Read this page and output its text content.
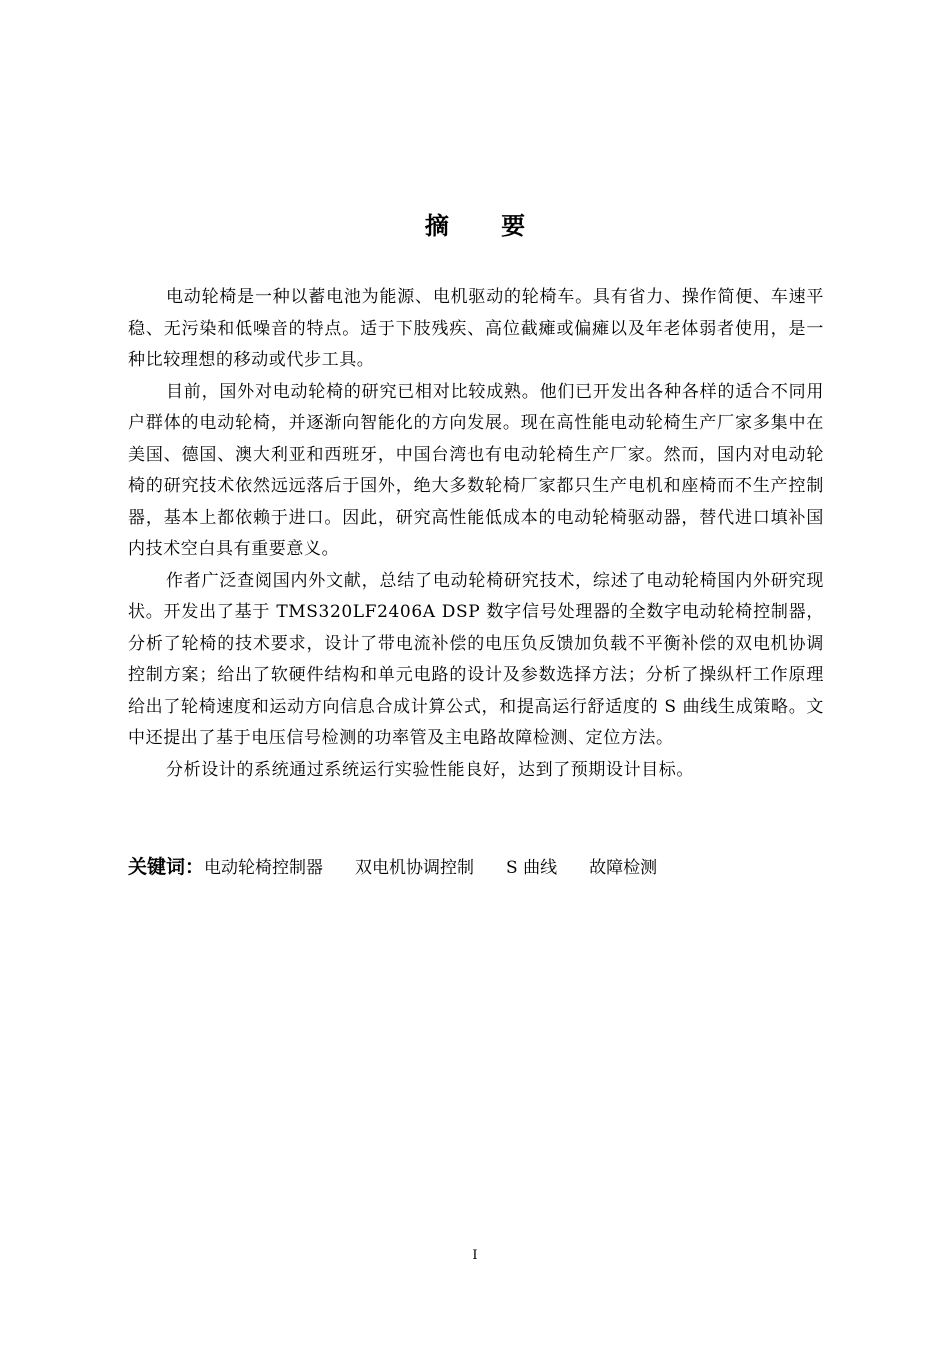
摘 要

电动轮椅是一种以蓄电池为能源、电机驱动的轮椅车。具有省力、操作简便、车速平稳、无污染和低噪音的特点。适于下肢残疾、高位截瘫或偏瘫以及年老体弱者使用，是一种比较理想的移动或代步工具。

目前，国外对电动轮椅的研究已相对比较成熟。他们已开发出各种各样的适合不同用户群体的电动轮椅，并逐渐向智能化的方向发展。现在高性能电动轮椅生产厂家多集中在美国、德国、澳大利亚和西班牙，中国台湾也有电动轮椅生产厂家。然而，国内对电动轮椅的研究技术依然远远落后于国外，绝大多数轮椅厂家都只生产电机和座椅而不生产控制器，基本上都依赖于进口。因此，研究高性能低成本的电动轮椅驱动器，替代进口填补国内技术空白具有重要意义。

作者广泛查阅国内外文献，总结了电动轮椅研究技术，综述了电动轮椅国内外研究现状。开发出了基于 TMS320LF2406A DSP 数字信号处理器的全数字电动轮椅控制器，分析了轮椅的技术要求，设计了带电流补偿的电压负反馈加负载不平衡补偿的双电机协调控制方案；给出了软硬件结构和单元电路的设计及参数选择方法；分析了操纵杆工作原理给出了轮椅速度和运动方向信息合成计算公式，和提高运行舒适度的 S 曲线生成策略。文中还提出了基于电压信号检测的功率管及主电路故障检测、定位方法。

分析设计的系统通过系统运行实验性能良好，达到了预期设计目标。

关键词：电动轮椅控制器 双电机协调控制 S 曲线 故障检测
I
